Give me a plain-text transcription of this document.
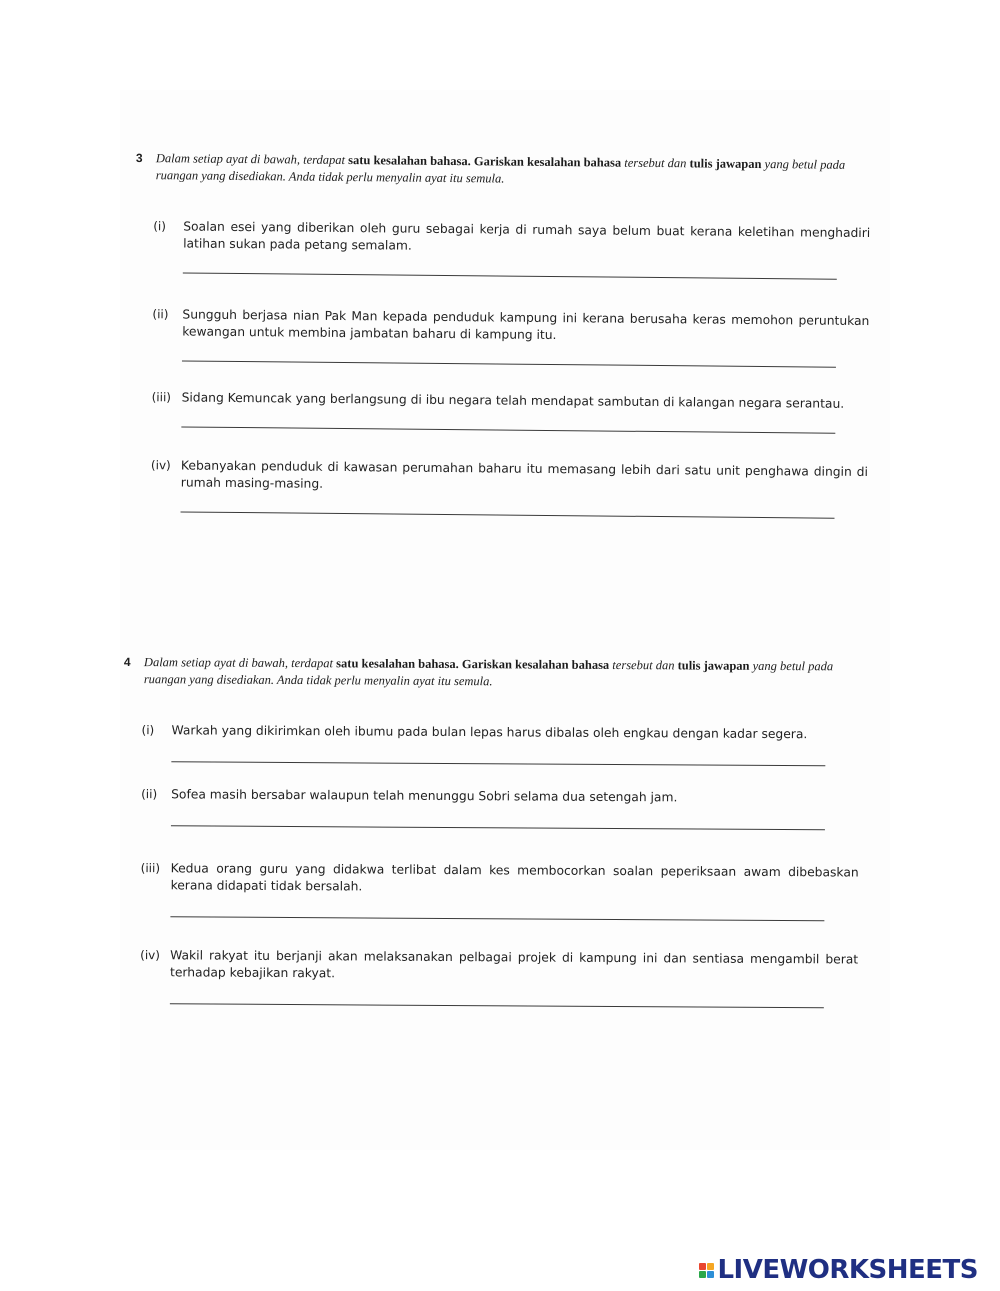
3 Dalam setiap ayat di bawah, terdapat satu kesalahan bahasa. Gariskan kesalahan bahasa tersebut dan tulis jawapan yang betul pada ruangan yang disediakan. Anda tidak perlu menyalin ayat itu semula.
(i) Soalan esei yang diberikan oleh guru sebagai kerja di rumah saya belum buat kerana keletihan menghadiri latihan sukan pada petang semalam.
(ii) Sungguh berjasa nian Pak Man kepada penduduk kampung ini kerana berusaha keras memohon peruntukan kewangan untuk membina jambatan baharu di kampung itu.
(iii) Sidang Kemuncak yang berlangsung di ibu negara telah mendapat sambutan di kalangan negara serantau.
(iv) Kebanyakan penduduk di kawasan perumahan baharu itu memasang lebih dari satu unit penghawa dingin di rumah masing-masing.
4 Dalam setiap ayat di bawah, terdapat satu kesalahan bahasa. Gariskan kesalahan bahasa tersebut dan tulis jawapan yang betul pada ruangan yang disediakan. Anda tidak perlu menyalin ayat itu semula.
(i) Warkah yang dikirimkan oleh ibumu pada bulan lepas harus dibalas oleh engkau dengan kadar segera.
(ii) Sofea masih bersabar walaupun telah menunggu Sobri selama dua setengah jam.
(iii) Kedua orang guru yang didakwa terlibat dalam kes membocorkan soalan peperiksaan awam dibebaskan kerana didapati tidak bersalah.
(iv) Wakil rakyat itu berjanji akan melaksanakan pelbagai projek di kampung ini dan sentiasa mengambil berat terhadap kebajikan rakyat.
LIVEWORKSHEETS
